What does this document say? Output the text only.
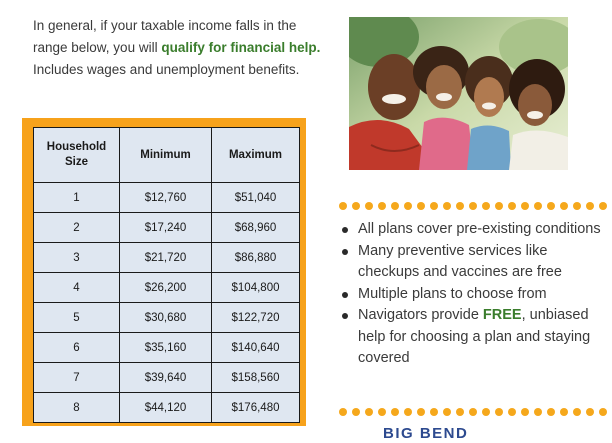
In general, if your taxable income falls in the range below, you will qualify for financial help. Includes wages and unemployment benefits.
Household Size	Minimum	Maximum
1	$12,760	$51,040
2	$17,240	$68,960
3	$21,720	$86,880
4	$26,200	$104,800
5	$30,680	$122,720
6	$35,160	$140,640
7	$39,640	$158,560
8	$44,120	$176,480
All plans cover pre-existing conditions
Many preventive services like checkups and vaccines are free
Multiple plans to choose from
Navigators provide FREE, unbiased help for choosing a plan and staying covered
BIG BEND
